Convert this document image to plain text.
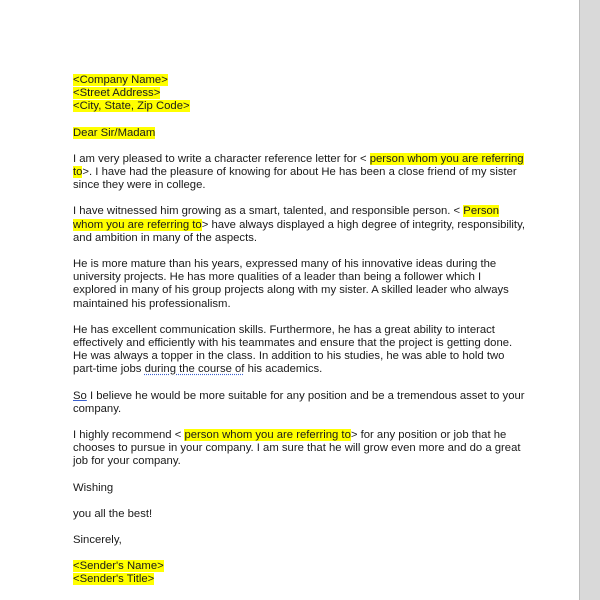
<Company Name>

<Street Address>

<City, State, Zip Code>

Dear Sir/Madam

I am very pleased to write a character reference letter for < person whom you are referring to>. I have had the pleasure of knowing for about He has been a close friend of my sister since they were in college.

I have witnessed him growing as a smart, talented, and responsible person. < Person whom you are referring to> have always displayed a high degree of integrity, responsibility, and ambition in many of the aspects.

He is more mature than his years, expressed many of his innovative ideas during the university projects. He has more qualities of a leader than being a follower which I explored in many of his group projects along with my sister. A skilled leader who always maintained his professionalism.

He has excellent communication skills. Furthermore, he has a great ability to interact effectively and efficiently with his teammates and ensure that the project is getting done. He was always a topper in the class. In addition to his studies, he was able to hold two part-time jobs during the course of his academics.

So I believe he would be more suitable for any position and be a tremendous asset to your company.

I highly recommend < person whom you are referring to> for any position or job that he chooses to pursue in your company. I am sure that he will grow even more and do a great job for your company.

Wishing

you all the best!

Sincerely,

<Sender's Name>

<Sender's Title>
